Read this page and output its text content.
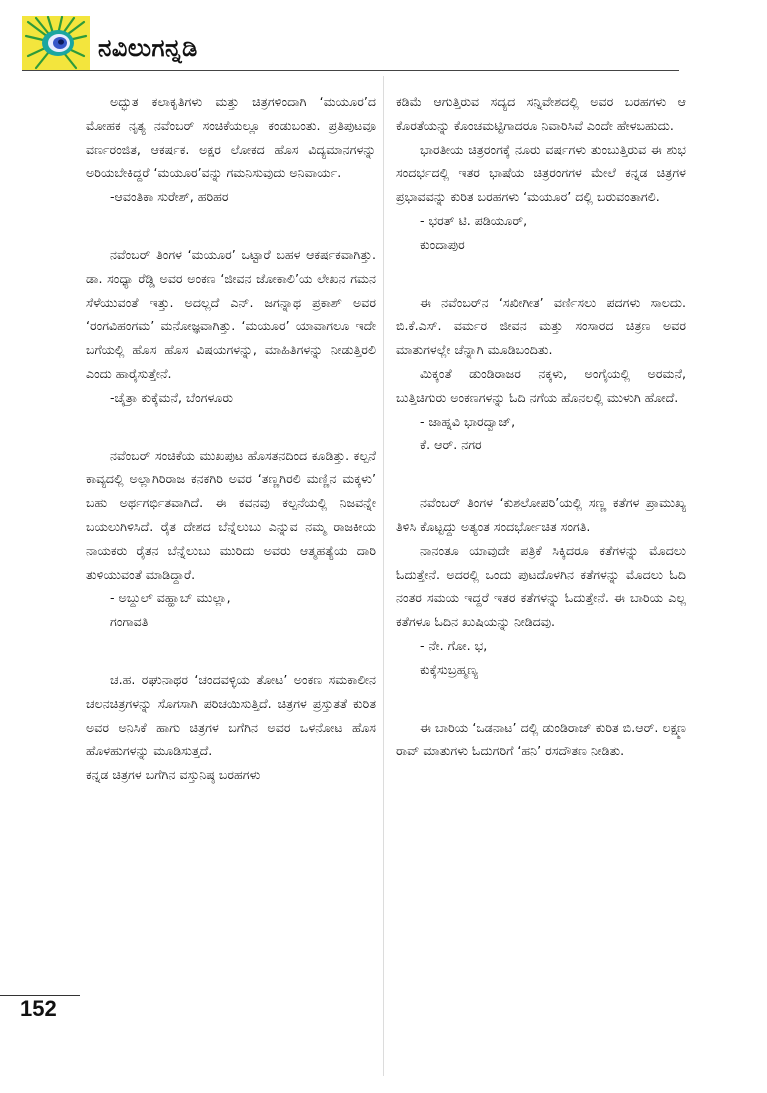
ನವಿಲುಗನ್ನಡಿ

ಅದ್ಭುತ ಕಲಾಕೃತಿಗಳು ಮತ್ತು ಚಿತ್ರಗಳಿಂದಾಗಿ ‘ಮಯೂರ’ದ ಮೋಹಕ ನೃತ್ಯ ನವೆಂಬರ್ ಸಂಚಿಕೆಯಲ್ಲೂ ಕಂಡುಬಂತು. ಪ್ರತಿಪುಟವೂ ವರ್ಣರಂಜಿತ, ಆಕರ್ಷಕ. ಅಕ್ಷರ ಲೋಕದ ಹೊಸ ವಿದ್ಯಮಾನಗಳನ್ನು ಅರಿಯಬೇಕಿದ್ದರೆ ‘ಮಯೂರ’ವನ್ನು ಗಮನಿಸುವುದು ಅನಿವಾರ್ಯ.

-ಆವಂತಿಕಾ ಸುರೇಶ್, ಹರಿಹರ

ನವೆಂಬರ್ ತಿಂಗಳ ‘ಮಯೂರ’ ಒಟ್ಟಾರೆ ಬಹಳ ಆಕರ್ಷಕವಾಗಿತ್ತು. ಡಾ. ಸಂಧ್ಯಾ ರೆಡ್ಡಿ ಅವರ ಅಂಕಣ ‘ಜೀವನ ಜೋಕಾಲಿ’ಯ ಲೇಖನ ಗಮನ ಸೆಳೆಯುವಂತೆ ಇತ್ತು. ಅದಲ್ಲದೆ ಎನ್. ಜಗನ್ನಾಥ ಪ್ರಕಾಶ್ ಅವರ ‘ರಂಗವಿಹಂಗಮ’ ಮನೋಜ್ಞವಾಗಿತ್ತು. ‘ಮಯೂರ’ ಯಾವಾಗಲೂ ಇದೇ ಬಗೆಯಲ್ಲಿ ಹೊಸ ಹೊಸ ವಿಷಯಗಳನ್ನು, ಮಾಹಿತಿಗಳನ್ನು ನೀಡುತ್ತಿರಲಿ ಎಂದು ಹಾರೈಸುತ್ತೇನೆ.

-ಚೈತ್ರಾ ಕುಕ್ಕೆಮನೆ, ಬೆಂಗಳೂರು

ನವೆಂಬರ್ ಸಂಚಿಕೆಯ ಮುಖಪುಟ ಹೊಸತನದಿಂದ ಕೂಡಿತ್ತು. ಕಲ್ಪನೆ ಕಾವ್ಯದಲ್ಲಿ ಅಲ್ಲಾಗಿರಿರಾಜ ಕನಕಗಿರಿ ಅವರ ‘ತಣ್ಣಗಿರಲಿ ಮಣ್ಣಿನ ಮಕ್ಕಳು’ ಬಹು ಅರ್ಥಗರ್ಭಿತವಾಗಿದೆ. ಈ ಕವನವು ಕಲ್ಪನೆಯಲ್ಲಿ ನಿಜವನ್ನೇ ಬಯಲುಗಿಳಿಸಿದೆ. ರೈತ ದೇಶದ ಬೆನ್ನೆಲುಬು ಎನ್ನುವ ನಮ್ಮ ರಾಜಕೀಯ ನಾಯಕರು ರೈತನ ಬೆನ್ನೆಲುಬು ಮುರಿದು ಅವರು ಆತ್ಮಹತ್ಯೆಯ ದಾರಿ ತುಳಿಯುವಂತೆ ಮಾಡಿದ್ದಾರೆ.

- ಅಬ್ದುಲ್ ವಹ್ಹಾಬ್ ಮುಲ್ಲಾ,

ಗಂಗಾವತಿ

ಚ.ಹ. ರಘುನಾಥರ ‘ಚಂದವಳ್ಳಿಯ ತೋಟ’ ಅಂಕಣ ಸಮಕಾಲೀನ ಚಲನಚಿತ್ರಗಳನ್ನು ಸೊಗಸಾಗಿ ಪರಿಚಯಿಸುತ್ತಿದೆ. ಚಿತ್ರಗಳ ಪ್ರಸ್ತುತತೆ ಕುರಿತ ಅವರ ಅನಿಸಿಕೆ ಹಾಗು ಚಿತ್ರಗಳ ಬಗೆಗಿನ ಅವರ ಒಳನೋಟ ಹೊಸ ಹೊಳಹುಗಳನ್ನು ಮೂಡಿಸುತ್ತದೆ.

ಕನ್ನಡ ಚಿತ್ರಗಳ ಬಗೆಗಿನ ವಸ್ತುನಿಷ್ಠ ಬರಹಗಳು

ಕಡಿಮೆ ಆಗುತ್ತಿರುವ ಸದ್ಯದ ಸನ್ನಿವೇಶದಲ್ಲಿ ಅವರ ಬರಹಗಳು ಆ ಕೊರತೆಯನ್ನು ಕೊಂಚಮಟ್ಟಿಗಾದರೂ ನಿವಾರಿಸಿವೆ ಎಂದೇ ಹೇಳಬಹುದು.

ಭಾರತೀಯ ಚಿತ್ರರಂಗಕ್ಕೆ ನೂರು ವರ್ಷಗಳು ತುಂಬುತ್ತಿರುವ ಈ ಶುಭ ಸಂದರ್ಭದಲ್ಲಿ ಇತರ ಭಾಷೆಯ ಚಿತ್ರರಂಗಗಳ ಮೇಲೆ ಕನ್ನಡ ಚಿತ್ರಗಳ ಪ್ರಭಾವವನ್ನು ಕುರಿತ ಬರಹಗಳು ‘ಮಯೂರ’ ದಲ್ಲಿ ಬರುವಂತಾಗಲಿ.

- ಭರತ್ ಟಿ. ಪಡಿಯೂರ್,

ಕುಂದಾಪುರ

ಈ ನವೆಂಬರ್‌ನ ‘ಸಖೀಗೀತ’ ವರ್ಣಿಸಲು ಪದಗಳು ಸಾಲದು. ಬಿ.ಕೆ.ಎಸ್. ವರ್ಮರ ಜೀವನ ಮತ್ತು ಸಂಸಾರದ ಚಿತ್ರಣ ಅವರ ಮಾತುಗಳಲ್ಲೇ ಚೆನ್ನಾಗಿ ಮೂಡಿಬಂದಿತು.

ಮಿಕ್ಕಂತೆ ಡುಂಡಿರಾಜರ ನಕ್ಕಳು, ಅಂಗೈಯಲ್ಲಿ ಅರಮನೆ, ಬುತ್ತಿಚಿಗುರು ಅಂಕಣಗಳನ್ನು ಓದಿ ನಗೆಯ ಹೊನಲಲ್ಲಿ ಮುಳುಗಿ ಹೋದೆ.

- ಜಾಹ್ನವಿ ಭಾರದ್ವಾಜ್,

ಕೆ. ಆರ್. ನಗರ

ನವೆಂಬರ್ ತಿಂಗಳ ‘ಕುಶಲೋಪರಿ’ಯಲ್ಲಿ ಸಣ್ಣ ಕತೆಗಳ ಪ್ರಾಮುಖ್ಯ ತಿಳಿಸಿ ಕೊಟ್ಟದ್ದು ಅತ್ಯಂತ ಸಂದರ್ಭೋಚಿತ ಸಂಗತಿ.

ನಾನಂತೂ ಯಾವುದೇ ಪತ್ರಿಕೆ ಸಿಕ್ಕಿದರೂ ಕತೆಗಳನ್ನು ಮೊದಲು ಓದುತ್ತೇನೆ. ಅದರಲ್ಲಿ ಒಂದು ಪುಟದೊಳಗಿನ ಕತೆಗಳನ್ನು ಮೊದಲು ಓದಿ ನಂತರ ಸಮಯ ಇದ್ದರೆ ಇತರ ಕತೆಗಳನ್ನು ಓದುತ್ತೇನೆ. ಈ ಬಾರಿಯ ಎಲ್ಲ ಕತೆಗಳೂ ಓದಿನ ಖುಷಿಯನ್ನು ನೀಡಿದವು.

- ನೇ. ಗೋ. ಭ,

ಕುಕ್ಕೆಸುಬ್ರಹ್ಮಣ್ಯ

ಈ ಬಾರಿಯ ‘ಒಡನಾಟ’ ದಲ್ಲಿ ಡುಂಡಿರಾಜ್ ಕುರಿತ ಬಿ.ಆರ್. ಲಕ್ಷ್ಮಣ ರಾವ್ ಮಾತುಗಳು ಓದುಗರಿಗೆ ‘ಹನಿ’ ರಸದೌತಣ ನೀಡಿತು.

152
